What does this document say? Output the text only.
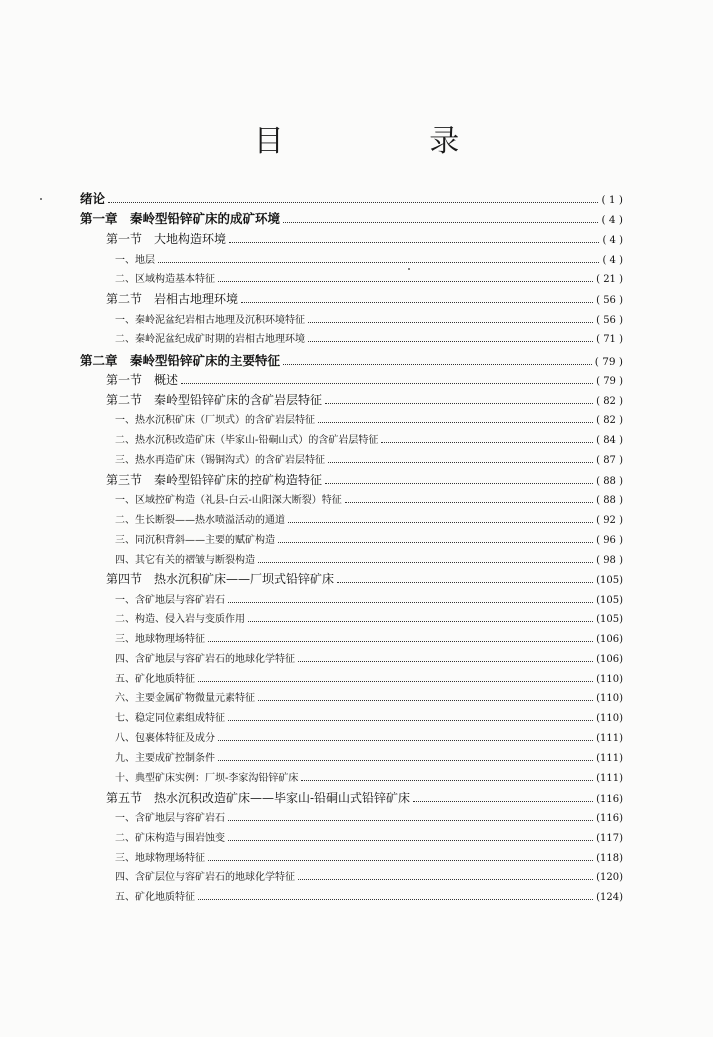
目 录
绪论	( 1 )
第一章　秦岭型铅锌矿床的成矿环境	( 4 )
第一节　大地构造环境	( 4 )
一、地层	( 4 )
二、区域构造基本特征	( 21 )
第二节　岩相古地理环境	( 56 )
一、秦岭泥盆纪岩相古地理及沉积环境特征	( 56 )
二、秦岭泥盆纪成矿时期的岩相古地理环境	( 71 )
第二章　秦岭型铅锌矿床的主要特征	( 79 )
第一节　概述	( 79 )
第二节　秦岭型铅锌矿床的含矿岩层特征	( 82 )
一、热水沉积矿床（厂坝式）的含矿岩层特征	( 82 )
二、热水沉积改造矿床（毕家山-铅硐山式）的含矿岩层特征	( 84 )
三、热水再造矿床（锡铜沟式）的含矿岩层特征	( 87 )
第三节　秦岭型铅锌矿床的控矿构造特征	( 88 )
一、区域控矿构造（礼县-白云-山阳深大断裂）特征	( 88 )
二、生长断裂——热水喷溢活动的通道	( 92 )
三、同沉积背斜——主要的赋矿构造	( 96 )
四、其它有关的褶皱与断裂构造	( 98 )
第四节　热水沉积矿床——厂坝式铅锌矿床	(105)
一、含矿地层与容矿岩石	(105)
二、构造、侵入岩与变质作用	(105)
三、地球物理场特征	(106)
四、含矿地层与容矿岩石的地球化学特征	(106)
五、矿化地质特征	(110)
六、主要金属矿物微量元素特征	(110)
七、稳定同位素组成特征	(110)
八、包裹体特征及成分	(111)
九、主要成矿控制条件	(111)
十、典型矿床实例：厂坝-李家沟铅锌矿床	(111)
第五节　热水沉积改造矿床——毕家山-铅硐山式铅锌矿床	(116)
一、含矿地层与容矿岩石	(116)
二、矿床构造与围岩蚀变	(117)
三、地球物理场特征	(118)
四、含矿层位与容矿岩石的地球化学特征	(120)
五、矿化地质特征	(124)
